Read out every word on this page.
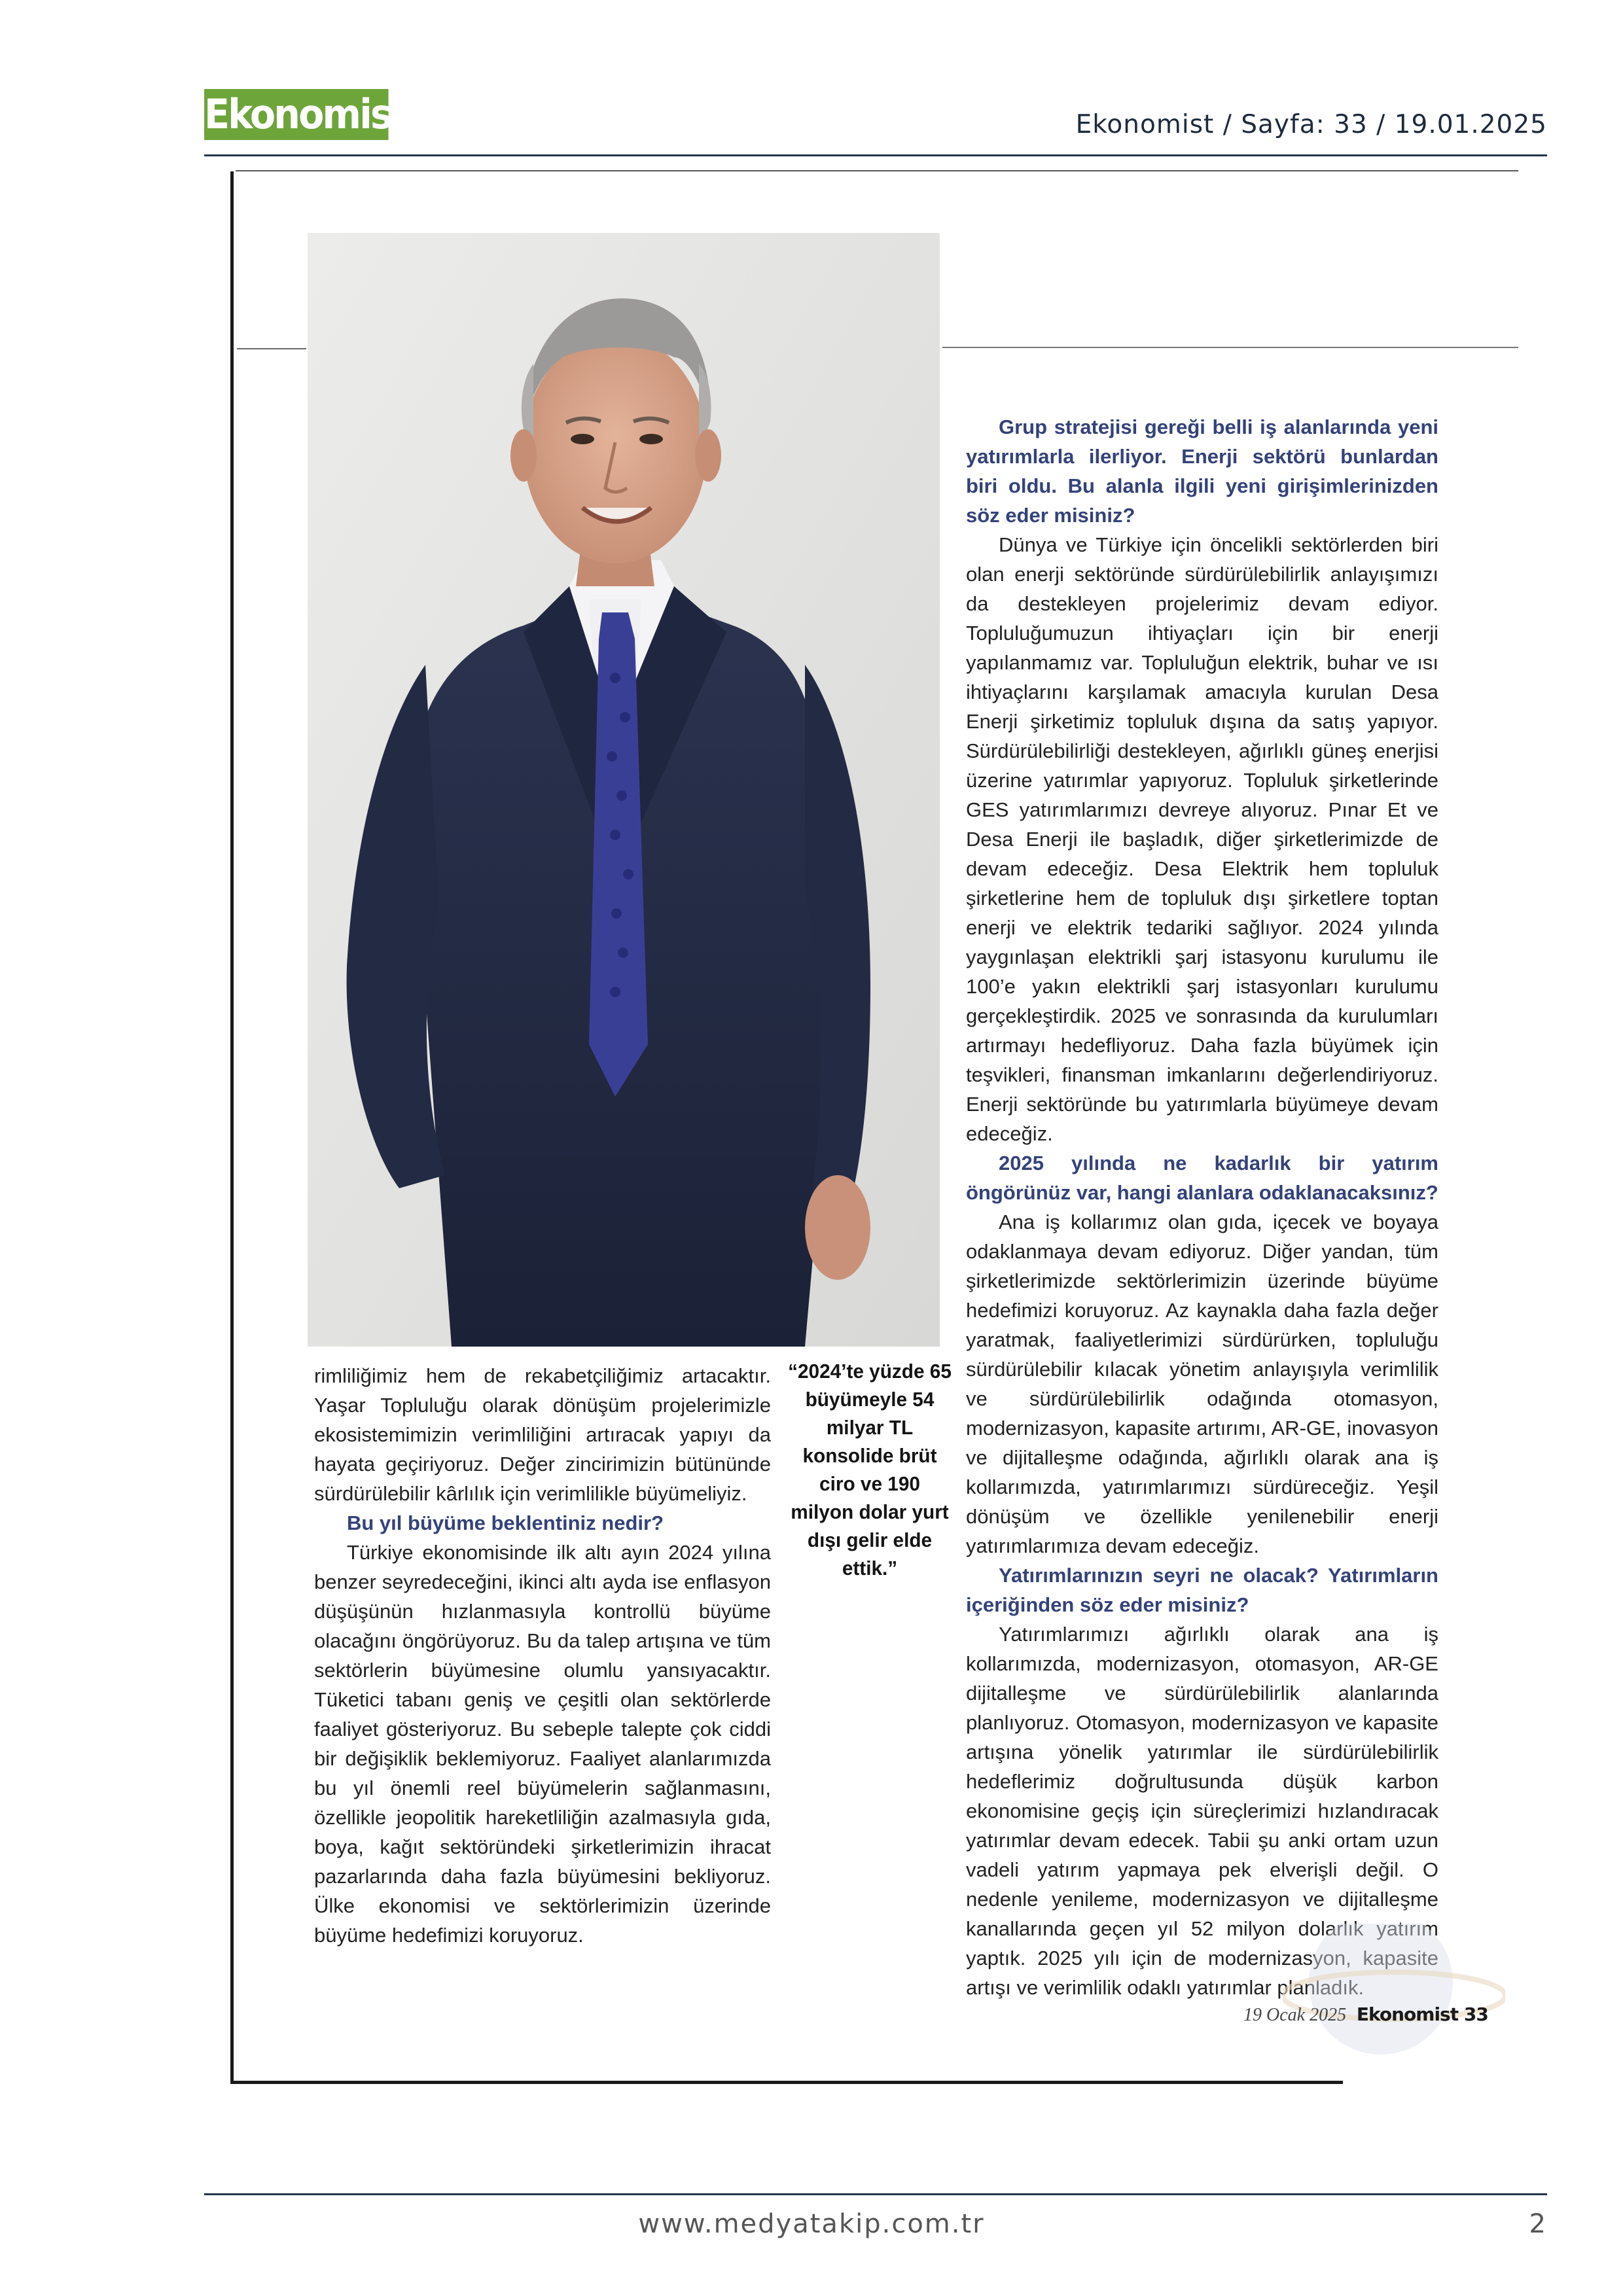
Ekonomist	Ekonomist / Sayfa: 33 / 19.01.2025

rimliliğimiz hem de rekabetçiliğimiz artacaktır. Yaşar Topluluğu olarak dönüşüm projelerimizle ekosistemimizin verimliliğini artıracak yapıyı da hayata geçiriyoruz. Değer zincirimizin bütününde sürdürülebilir kârlılık için verimlilikle büyümeliyiz.

Bu yıl büyüme beklentiniz nedir?

Türkiye ekonomisinde ilk altı ayın 2024 yılına benzer seyredeceğini, ikinci altı ayda ise enflasyon düşüşünün hızlanmasıyla kontrollü büyüme olacağını öngörüyoruz. Bu da talep artışına ve tüm sektörlerin büyümesine olumlu yansıyacaktır. Tüketici tabanı geniş ve çeşitli olan sektörlerde faaliyet gösteriyoruz. Bu sebeple talepte çok ciddi bir değişiklik beklemiyoruz. Faaliyet alanlarımızda bu yıl önemli reel büyümelerin sağlanmasını, özellikle jeopolitik hareketliliğin azalmasıyla gıda, boya, kağıt sektöründeki şirketlerimizin ihracat pazarlarında daha fazla büyümesini bekliyoruz. Ülke ekonomisi ve sektörlerimizin üzerinde büyüme hedefimizi koruyoruz.

“2024’te yüzde 65 büyümeyle 54 milyar TL konsolide brüt ciro ve 190 milyon dolar yurt dışı gelir elde ettik.”
Grup stratejisi gereği belli iş alanlarında yeni yatırımlarla ilerliyor. Enerji sektörü bunlardan biri oldu. Bu alanla ilgili yeni girişimlerinizden söz eder misiniz?

Dünya ve Türkiye için öncelikli sektörlerden biri olan enerji sektöründe sürdürülebilirlik anlayışımızı da destekleyen projelerimiz devam ediyor. Topluluğumuzun ihtiyaçları için bir enerji yapılanmamız var. Topluluğun elektrik, buhar ve ısı ihtiyaçlarını karşılamak amacıyla kurulan Desa Enerji şirketimiz topluluk dışına da satış yapıyor. Sürdürülebilirliği destekleyen, ağırlıklı güneş enerjisi üzerine yatırımlar yapıyoruz. Topluluk şirketlerinde GES yatırımlarımızı devreye alıyoruz. Pınar Et ve Desa Enerji ile başladık, diğer şirketlerimizde de devam edeceğiz. Desa Elektrik hem topluluk şirketlerine hem de topluluk dışı şirketlere toptan enerji ve elektrik tedariki sağlıyor. 2024 yılında yaygınlaşan elektrikli şarj istasyonu kurulumu ile 100’e yakın elektrikli şarj istasyonları kurulumu gerçekleştirdik. 2025 ve sonrasında da kurulumları artırmayı hedefliyoruz. Daha fazla büyümek için teşvikleri, finansman imkanlarını değerlendiriyoruz. Enerji sektöründe bu yatırımlarla büyümeye devam edeceğiz.

2025 yılında ne kadarlık bir yatırım öngörünüz var, hangi alanlara odaklanacaksınız?

Ana iş kollarımız olan gıda, içecek ve boyaya odaklanmaya devam ediyoruz. Diğer yandan, tüm şirketlerimizde sektörlerimizin üzerinde büyüme hedefimizi koruyoruz. Az kaynakla daha fazla değer yaratmak, faaliyetlerimizi sürdürürken, topluluğu sürdürülebilir kılacak yönetim anlayışıyla verimlilik ve sürdürülebilirlik odağında otomasyon, modernizasyon, kapasite artırımı, AR-GE, inovasyon ve dijitalleşme odağında, ağırlıklı olarak ana iş kollarımızda, yatırımlarımızı sürdüreceğiz. Yeşil dönüşüm ve özellikle yenilenebilir enerji yatırımlarımıza devam edeceğiz.

Yatırımlarınızın seyri ne olacak? Yatırımların içeriğinden söz eder misiniz?

Yatırımlarımızı ağırlıklı olarak ana iş kollarımızda, modernizasyon, otomasyon, AR-GE dijitalleşme ve sürdürülebilirlik alanlarında planlıyoruz. Otomasyon, modernizasyon ve kapasite artışına yönelik yatırımlar ile sürdürülebilirlik hedeflerimiz doğrultusunda düşük karbon ekonomisine geçiş için süreçlerimizi hızlandıracak yatırımlar devam edecek. Tabii şu anki ortam uzun vadeli yatırım yapmaya pek elverişli değil. O nedenle yenileme, modernizasyon ve dijitalleşme kanallarında geçen yıl 52 milyon dolarlık yatırım yaptık. 2025 yılı için de modernizasyon, kapasite artışı ve verimlilik odaklı yatırımlar planladık.

19 Ocak 2025 Ekonomist 33
www.medyatakip.com.tr	2
